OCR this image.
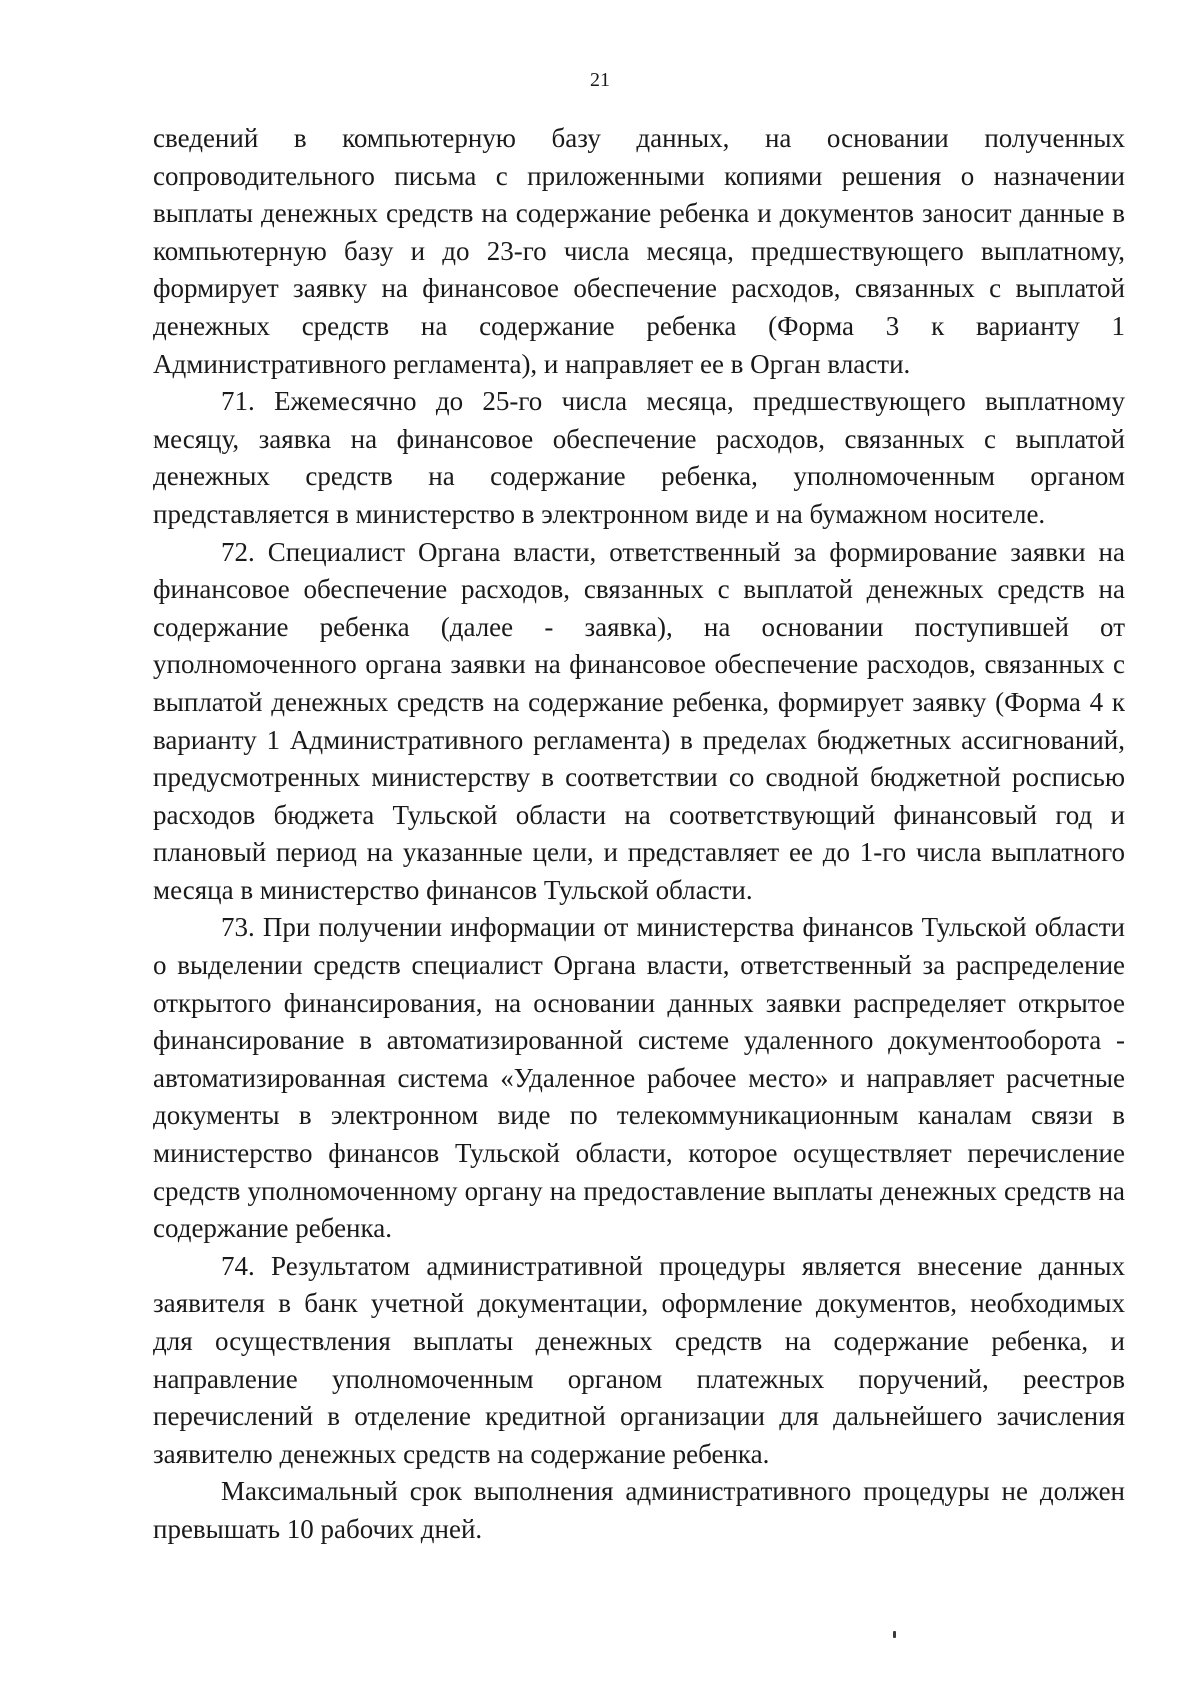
21

сведений в компьютерную базу данных, на основании полученных сопроводительного письма с приложенными копиями решения о назначении выплаты денежных средств на содержание ребенка и документов заносит данные в компьютерную базу и до 23-го числа месяца, предшествующего выплатному, формирует заявку на финансовое обеспечение расходов, связанных с выплатой денежных средств на содержание ребенка (Форма 3 к варианту 1 Административного регламента), и направляет ее в Орган власти.

71. Ежемесячно до 25-го числа месяца, предшествующего выплатному месяцу, заявка на финансовое обеспечение расходов, связанных с выплатой денежных средств на содержание ребенка, уполномоченным органом представляется в министерство в электронном виде и на бумажном носителе.

72. Специалист Органа власти, ответственный за формирование заявки на финансовое обеспечение расходов, связанных с выплатой денежных средств на содержание ребенка (далее - заявка), на основании поступившей от уполномоченного органа заявки на финансовое обеспечение расходов, связанных с выплатой денежных средств на содержание ребенка, формирует заявку (Форма 4 к варианту 1 Административного регламента) в пределах бюджетных ассигнований, предусмотренных министерству в соответствии со сводной бюджетной росписью расходов бюджета Тульской области на соответствующий финансовый год и плановый период на указанные цели, и представляет ее до 1-го числа выплатного месяца в министерство финансов Тульской области.

73. При получении информации от министерства финансов Тульской области о выделении средств специалист Органа власти, ответственный за распределение открытого финансирования, на основании данных заявки распределяет открытое финансирование в автоматизированной системе удаленного документооборота - автоматизированная система «Удаленное рабочее место» и направляет расчетные документы в электронном виде по телекоммуникационным каналам связи в министерство финансов Тульской области, которое осуществляет перечисление средств уполномоченному органу на предоставление выплаты денежных средств на содержание ребенка.

74. Результатом административной процедуры является внесение данных заявителя в банк учетной документации, оформление документов, необходимых для осуществления выплаты денежных средств на содержание ребенка, и направление уполномоченным органом платежных поручений, реестров перечислений в отделение кредитной организации для дальнейшего зачисления заявителю денежных средств на содержание ребенка.

Максимальный срок выполнения административного процедуры не должен превышать 10 рабочих дней.
